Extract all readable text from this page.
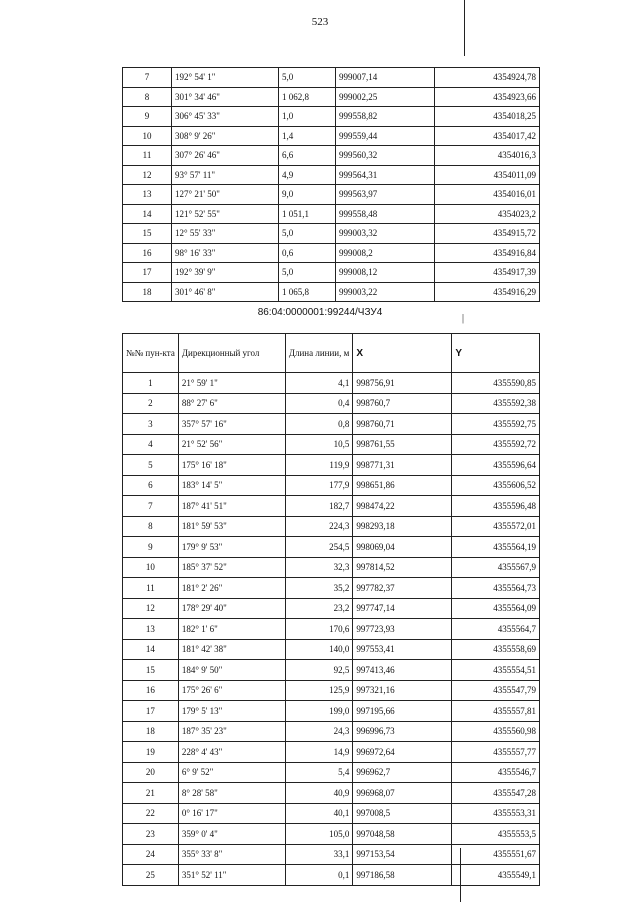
523
7	192° 54' 1"	5,0	999007,14	4354924,78
8	301° 34' 46"	1 062,8	999002,25	4354923,66
9	306° 45' 33"	1,0	999558,82	4354018,25
10	308° 9' 26"	1,4	999559,44	4354017,42
11	307° 26' 46"	6,6	999560,32	4354016,3
12	93° 57' 11"	4,9	999564,31	4354011,09
13	127° 21' 50"	9,0	999563,97	4354016,01
14	121° 52' 55"	1 051,1	999558,48	4354023,2
15	12° 55' 33"	5,0	999003,32	4354915,72
16	98° 16' 33"	0,6	999008,2	4354916,84
17	192° 39' 9"	5,0	999008,12	4354917,39
18	301° 46' 8"	1 065,8	999003,22	4354916,29
86:04:0000001:99244/ЧЗУ4
|
№№ пун-кта	Дирекционный угол	Длина линии, м	X	Y
1	21° 59' 1"	4,1	998756,91	4355590,85
2	88° 27' 6"	0,4	998760,7	4355592,38
3	357° 57' 16"	0,8	998760,71	4355592,75
4	21° 52' 56"	10,5	998761,55	4355592,72
5	175° 16' 18"	119,9	998771,31	4355596,64
6	183° 14' 5"	177,9	998651,86	4355606,52
7	187° 41' 51"	182,7	998474,22	4355596,48
8	181° 59' 53"	224,3	998293,18	4355572,01
9	179° 9' 53"	254,5	998069,04	4355564,19
10	185° 37' 52"	32,3	997814,52	4355567,9
11	181° 2' 26"	35,2	997782,37	4355564,73
12	178° 29' 40"	23,2	997747,14	4355564,09
13	182° 1' 6"	170,6	997723,93	4355564,7
14	181° 42' 38"	140,0	997553,41	4355558,69
15	184° 9' 50"	92,5	997413,46	4355554,51
16	175° 26' 6"	125,9	997321,16	4355547,79
17	179° 5' 13"	199,0	997195,66	4355557,81
18	187° 35' 23"	24,3	996996,73	4355560,98
19	228° 4' 43"	14,9	996972,64	4355557,77
20	6° 9' 52"	5,4	996962,7	4355546,7
21	8° 28' 58"	40,9	996968,07	4355547,28
22	0° 16' 17"	40,1	997008,5	4355553,31
23	359° 0' 4"	105,0	997048,58	4355553,5
24	355° 33' 8"	33,1	997153,54	4355551,67
25	351° 52' 11"	0,1	997186,58	4355549,1
